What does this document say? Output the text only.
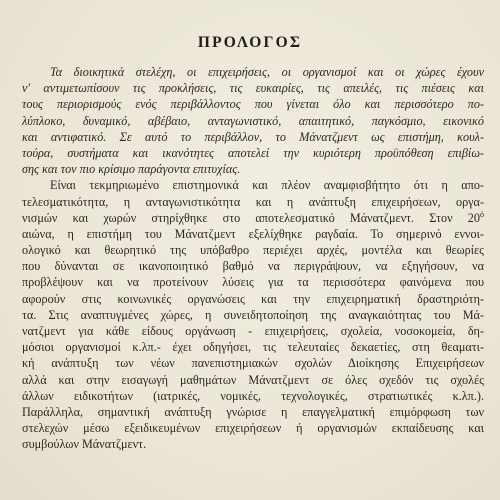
ΠΡΟΛΟΓΟΣ
Τα διοικητικά στελέχη, οι επιχειρήσεις, οι οργανισμοί και οι χώρες έχουν
ν' αντιμετωπίσουν τις προκλήσεις, τις ευκαιρίες, τις απειλές, τις πιέσεις και
τους περιορισμούς ενός περιβάλλοντος που γίνεται όλο και περισσότερο πο-
λύπλοκο, δυναμικό, αβέβαιο, ανταγωνιστικό, απαιτητικό, παγκόσμιο, εικονικό
και αντιφατικό. Σε αυτό το περιβάλλον, το Μάνατζμεντ ως επιστήμη, κουλ-
τούρα, συστήματα και ικανότητες αποτελεί την κυριότερη προϋπόθεση επιβίω-
σης και τον πιο κρίσιμο παράγοντα επιτυχίας.
Είναι τεκμηριωμένο επιστημονικά και πλέον αναμφισβήτητο ότι η απο-
τελεσματικότητα, η ανταγωνιστικότητα και η ανάπτυξη επιχειρήσεων, οργα-
νισμών και χωρών στηρίχθηκε στο αποτελεσματικό Μάνατζμεντ. Στον $20^ό$
αιώνα, η επιστήμη του Μάνατζμεντ εξελίχθηκε ραγδαία. Το σημερινό εννοι-
ολογικό και θεωρητικό της υπόβαθρο περιέχει αρχές, μοντέλα και θεωρίες
που δύνανται σε ικανοποιητικό βαθμό να περιγράψουν, να εξηγήσουν, να
προβλέψουν και να προτείνουν λύσεις για τα περισσότερα φαινόμενα που
αφορούν στις κοινωνικές οργανώσεις και την επιχειρηματική δραστηριότη-
τα. Στις αναπτυγμένες χώρες, η συνειδητοποίηση της αναγκαιότητας του Μά-
νατζμεντ για κάθε είδους οργάνωση - επιχειρήσεις, σχολεία, νοσοκομεία, δη-
μόσιοι οργανισμοί κ.λπ.- έχει οδηγήσει, τις τελευταίες δεκαετίες, στη θεαματι-
κή ανάπτυξη των νέων πανεπιστημιακών σχολών Διοίκησης Επιχειρήσεων
αλλά και στην εισαγωγή μαθημάτων Μάνατζμεντ σε όλες σχεδόν τις σχολές
άλλων ειδικοτήτων (ιατρικές, νομικές, τεχνολογικές, στρατιωτικές κ.λπ.).
Παράλληλα, σημαντική ανάπτυξη γνώρισε η επαγγελματική επιμόρφωση των
στελεχών μέσω εξειδικευμένων επιχειρήσεων ή οργανισμών εκπαίδευσης και
συμβούλων Μάνατζμεντ.
